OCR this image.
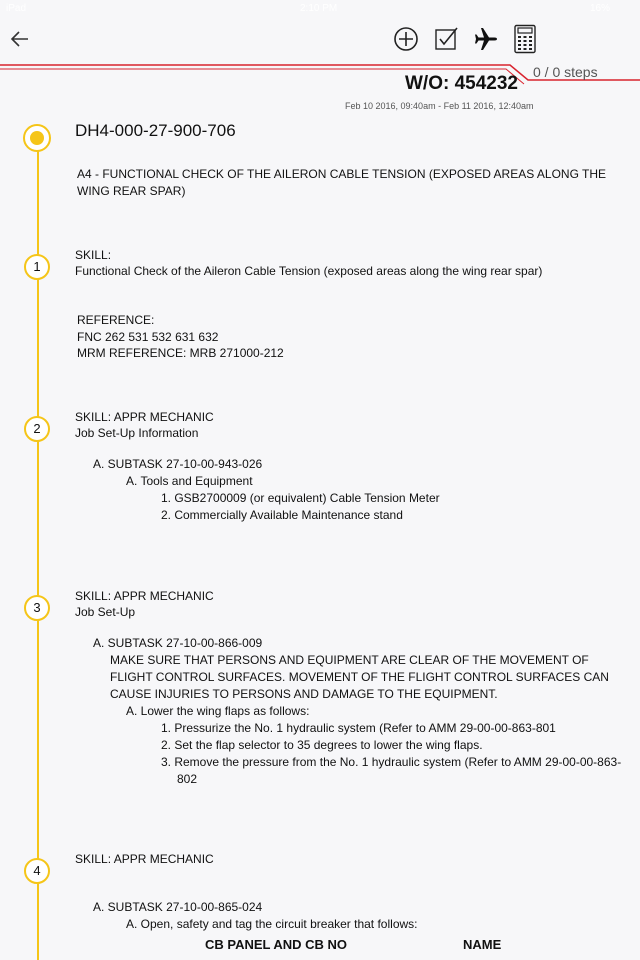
iPad	2:10 PM	16%
W/O: 454232
0 / 0 steps
Feb 10 2016, 09:40am - Feb 11 2016, 12:40am
DH4-000-27-900-706
A4 - FUNCTIONAL CHECK OF THE AILERON CABLE TENSION (EXPOSED AREAS ALONG THE WING REAR SPAR)
1
SKILL:
Functional Check of the Aileron Cable Tension (exposed areas along the wing rear spar)
REFERENCE:
FNC 262 531 532 631 632
MRM REFERENCE: MRB 271000-212
2
SKILL: APPR MECHANIC
Job Set-Up Information
A. SUBTASK 27-10-00-943-026
A. Tools and Equipment
1. GSB2700009 (or equivalent) Cable Tension Meter
2. Commercially Available Maintenance stand
3
SKILL: APPR MECHANIC
Job Set-Up
A. SUBTASK 27-10-00-866-009
MAKE SURE THAT PERSONS AND EQUIPMENT ARE CLEAR OF THE MOVEMENT OF FLIGHT CONTROL SURFACES. MOVEMENT OF THE FLIGHT CONTROL SURFACES CAN CAUSE INJURIES TO PERSONS AND DAMAGE TO THE EQUIPMENT.
A. Lower the wing flaps as follows:
1. Pressurize the No. 1 hydraulic system (Refer to AMM 29-00-00-863-801
2. Set the flap selector to 35 degrees to lower the wing flaps.
3. Remove the pressure from the No. 1 hydraulic system (Refer to AMM 29-00-00-863-802
4
SKILL: APPR MECHANIC
A. SUBTASK 27-10-00-865-024
A. Open, safety and tag the circuit breaker that follows:
CB PANEL AND CB NO	NAME
